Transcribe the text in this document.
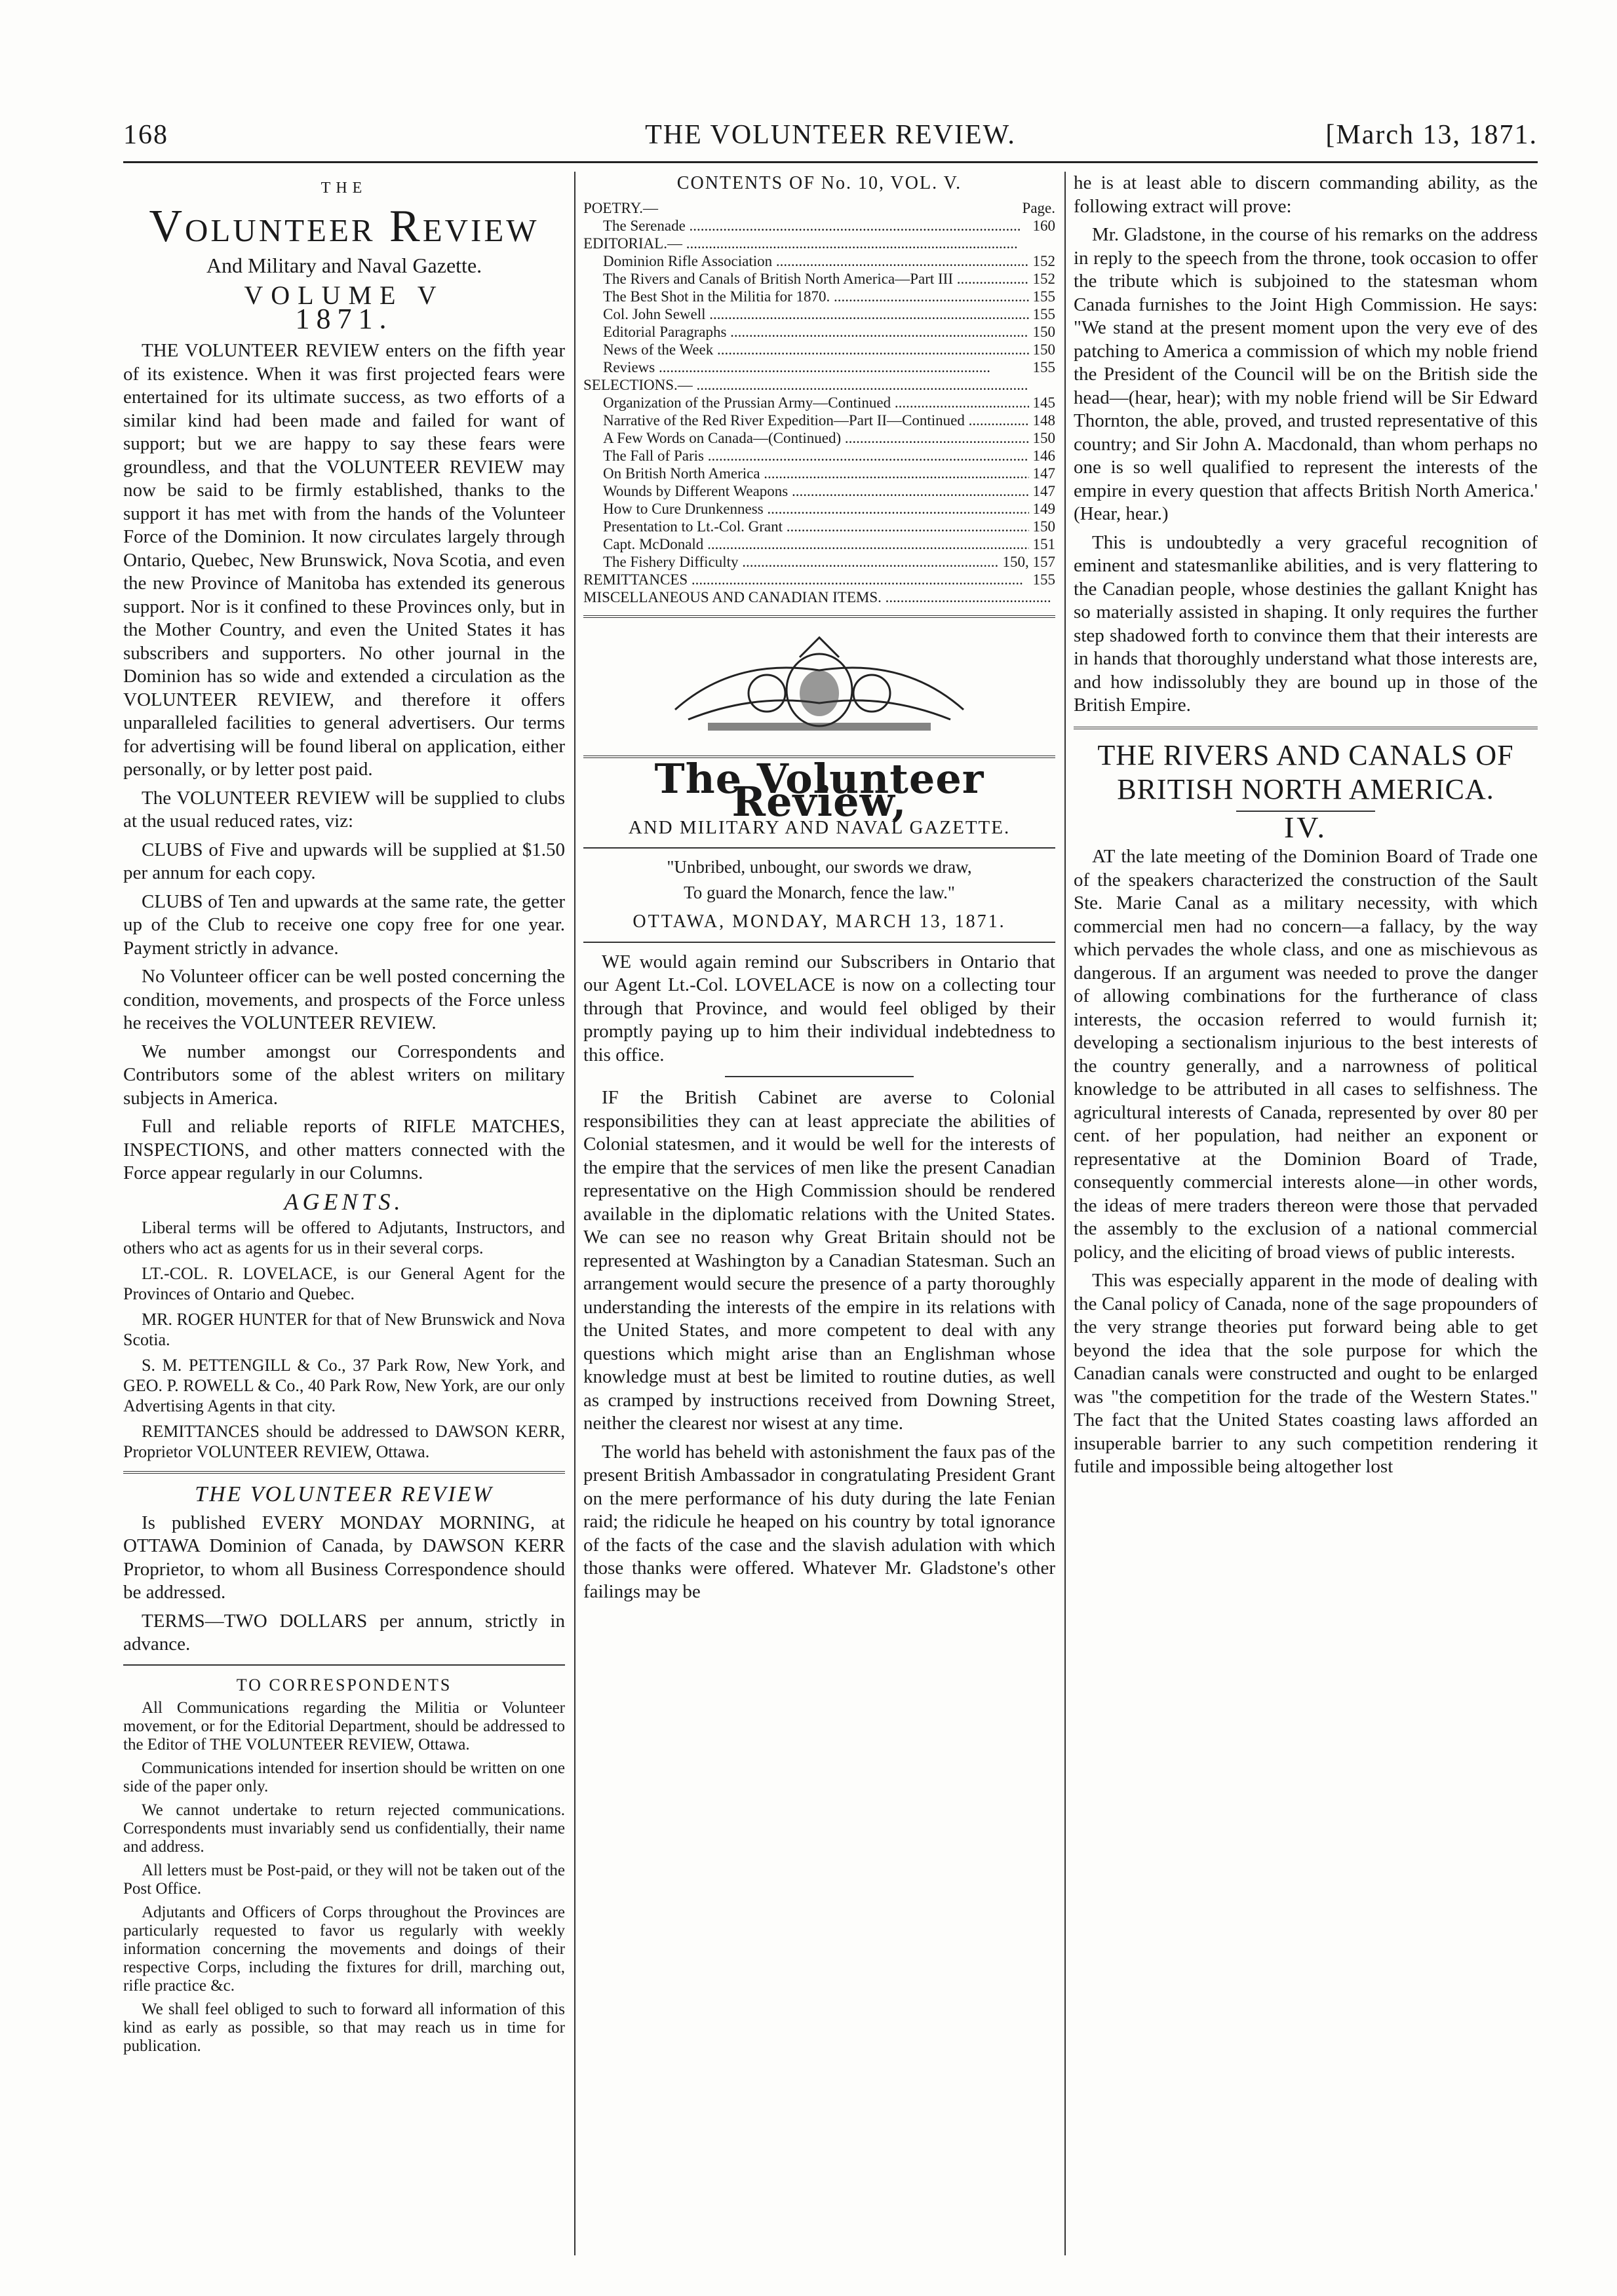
168	THE VOLUNTEER REVIEW.	[March 13, 1871.
THE
Volunteer Review
And Military and Naval Gazette.
VOLUME V
1871.

THE VOLUNTEER REVIEW enters on the fifth year of its existence. When it was first projected fears were entertained for its ultimate success, as two efforts of a similar kind had been made and failed for want of support; but we are happy to say these fears were groundless, and that the VOLUNTEER REVIEW may now be said to be firmly established, thanks to the support it has met with from the hands of the Volunteer Force of the Dominion. It now circulates largely through Ontario, Quebec, New Brunswick, Nova Scotia, and even the new Province of Manitoba has extended its generous support. Nor is it confined to these Provinces only, but in the Mother Country, and even the United States it has subscribers and supporters. No other journal in the Dominion has so wide and extended a circulation as the VOLUNTEER REVIEW, and therefore it offers unparalleled facilities to general advertisers. Our terms for advertising will be found liberal on application, either personally, or by letter post paid.

The VOLUNTEER REVIEW will be supplied to clubs at the usual reduced rates, viz:

CLUBS of Five and upwards will be supplied at $1.50 per annum for each copy.

CLUBS of Ten and upwards at the same rate, the getter up of the Club to receive one copy free for one year. Payment strictly in advance.

No Volunteer officer can be well posted concerning the condition, movements, and prospects of the Force unless he receives the VOLUNTEER REVIEW.

We number amongst our Correspondents and Contributors some of the ablest writers on military subjects in America.

Full and reliable reports of RIFLE MATCHES, INSPECTIONS, and other matters connected with the Force appear regularly in our Columns.

AGENTS.

Liberal terms will be offered to Adjutants, Instructors, and others who act as agents for us in their several corps.

LT.-COL. R. LOVELACE, is our General Agent for the Provinces of Ontario and Quebec.

MR. ROGER HUNTER for that of New Brunswick and Nova Scotia.

S. M. PETTENGILL & Co., 37 Park Row, New York, and GEO. P. ROWELL & Co., 40 Park Row, New York, are our only Advertising Agents in that city.

REMITTANCES should be addressed to DAWSON KERR, Proprietor VOLUNTEER REVIEW, Ottawa.

THE VOLUNTEER REVIEW

Is published EVERY MONDAY MORNING, at OTTAWA Dominion of Canada, by DAWSON KERR Proprietor, to whom all Business Correspondence should be addressed.

TERMS—TWO DOLLARS per annum, strictly in advance.

TO CORRESPONDENTS

All Communications regarding the Militia or Volunteer movement, or for the Editorial Department, should be addressed to the Editor of THE VOLUNTEER REVIEW, Ottawa.

Communications intended for insertion should be written on one side of the paper only.

We cannot undertake to return rejected communications. Correspondents must invariably send us confidentially, their name and address.

All letters must be Post-paid, or they will not be taken out of the Post Office.

Adjutants and Officers of Corps throughout the Provinces are particularly requested to favor us regularly with weekly information concerning the movements and doings of their respective Corps, including the fixtures for drill, marching out, rifle practice &c.

We shall feel obliged to such to forward all information of this kind as early as possible, so that may reach us in time for publication.

CONTENTS OF No. 10, VOL. V.
POETRY.—	Page.
The Serenade .....	160
EDITORIAL.— .....
Dominion Rifle Association .....	152
The Rivers and Canals of British North America—Part III .....	152
The Best Shot in the Militia for 1870. .....	155
Col. John Sewell .....	155
Editorial Paragraphs .....	150
News of the Week .....	150
Reviews .....	155
SELECTIONS.— .....
Organization of the Prussian Army—Continued .....	145
Narrative of the Red River Expedition—Part II—Continued .....	148
A Few Words on Canada—(Continued) .....	150
The Fall of Paris .....	146
On British North America .....	147
Wounds by Different Weapons .....	147
How to Cure Drunkenness .....	149
Presentation to Lt.-Col. Grant .....	150
Capt. McDonald .....	151
The Fishery Difficulty .....	150, 157
REMITTANCES .....	155
MISCELLANEOUS AND CANADIAN ITEMS. .....
The Volunteer Review,
AND MILITARY AND NAVAL GAZETTE.
"Unbribed, unbought, our swords we draw,
To guard the Monarch, fence the law."
OTTAWA, MONDAY, MARCH 13, 1871.

WE would again remind our Subscribers in Ontario that our Agent Lt.-Col. LOVELACE is now on a collecting tour through that Province, and would feel obliged by their promptly paying up to him their individual indebtedness to this office.

IF the British Cabinet are averse to Colonial responsibilities they can at least appreciate the abilities of Colonial statesmen, and it would be well for the interests of the empire that the services of men like the present Canadian representative on the High Commission should be rendered available in the diplomatic relations with the United States. We can see no reason why Great Britain should not be represented at Washington by a Canadian Statesman. Such an arrangement would secure the presence of a party thoroughly understanding the interests of the empire in its relations with the United States, and more competent to deal with any questions which might arise than an Englishman whose knowledge must at best be limited to routine duties, as well as cramped by instructions received from Downing Street, neither the clearest nor wisest at any time.

The world has beheld with astonishment the faux pas of the present British Ambassador in congratulating President Grant on the mere performance of his duty during the late Fenian raid; the ridicule he heaped on his country by total ignorance of the facts of the case and the slavish adulation with which those thanks were offered. Whatever Mr. Gladstone's other failings may be

he is at least able to discern commanding ability, as the following extract will prove:

Mr. Gladstone, in the course of his remarks on the address in reply to the speech from the throne, took occasion to offer the tribute which is subjoined to the statesman whom Canada furnishes to the Joint High Commission. He says: "We stand at the present moment upon the very eve of des patching to America a commission of which my noble friend the President of the Council will be on the British side the head—(hear, hear); with my noble friend will be Sir Edward Thornton, the able, proved, and trusted representative of this country; and Sir John A. Macdonald, than whom perhaps no one is so well qualified to represent the interests of the empire in every question that affects British North America.' (Hear, hear.)

This is undoubtedly a very graceful recognition of eminent and statesmanlike abilities, and is very flattering to the Canadian people, whose destinies the gallant Knight has so materially assisted in shaping. It only requires the further step shadowed forth to convince them that their interests are in hands that thoroughly understand what those interests are, and how indissolubly they are bound up in those of the British Empire.

THE RIVERS AND CANALS OF BRITISH NORTH AMERICA.
IV.

AT the late meeting of the Dominion Board of Trade one of the speakers characterized the construction of the Sault Ste. Marie Canal as a military necessity, with which commercial men had no concern—a fallacy, by the way which pervades the whole class, and one as mischievous as dangerous. If an argument was needed to prove the danger of allowing combinations for the furtherance of class interests, the occasion referred to would furnish it; developing a sectionalism injurious to the best interests of the country generally, and a narrowness of political knowledge to be attributed in all cases to selfishness. The agricultural interests of Canada, represented by over 80 per cent. of her population, had neither an exponent or representative at the Dominion Board of Trade, consequently commercial interests alone—in other words, the ideas of mere traders thereon were those that pervaded the assembly to the exclusion of a national commercial policy, and the eliciting of broad views of public interests.

This was especially apparent in the mode of dealing with the Canal policy of Canada, none of the sage propounders of the very strange theories put forward being able to get beyond the idea that the sole purpose for which the Canadian canals were constructed and ought to be enlarged was "the competition for the trade of the Western States." The fact that the United States coasting laws afforded an insuperable barrier to any such competition rendering it futile and impossible being altogether lost
